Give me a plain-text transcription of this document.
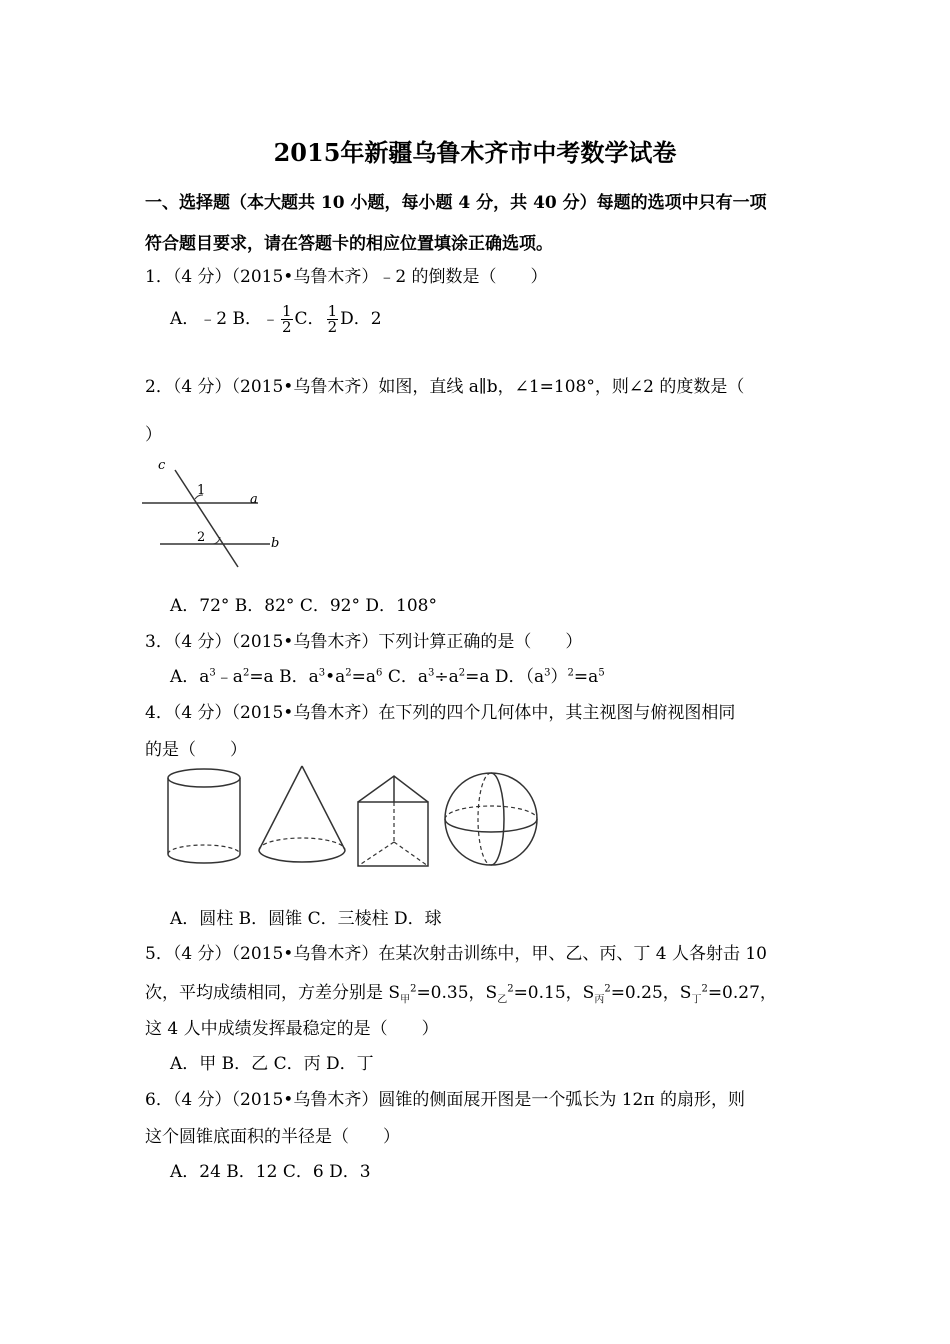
2015年新疆乌鲁木齐市中考数学试卷
一、选择题（本大题共 10 小题，每小题 4 分，共 40 分）每题的选项中只有一项
符合题目要求，请在答题卡的相应位置填涂正确选项。
1．（4 分）（2015•乌鲁木齐）﹣2 的倒数是（　　）
A．﹣2 B．﹣ $\frac{1}{2}$ C． $\frac{1}{2}$ D．2
2．（4 分）（2015•乌鲁木齐）如图，直线 a∥b，∠1=108°，则∠2 的度数是（
）
c
1
a
2	b
A．72° B．82° C．92° D．108°
3．（4 分）（2015•乌鲁木齐）下列计算正确的是（　　）
A．$a^3﹣a^2=a$ B．$a^3•a^2=a^6$ C．$a^3\div a^2=a$ D．$(a^3)^2=a^5$
4．（4 分）（2015•乌鲁木齐）在下列的四个几何体中，其主视图与俯视图相同
的是（　　）
A．圆柱 B．圆锥 C．三棱柱 D．球
5．（4 分）（2015•乌鲁木齐）在某次射击训练中，甲、乙、丙、丁 4 人各射击 10
次，平均成绩相同，方差分别是 $S_甲^2=0.35$，$S_乙^2=0.15$，$S_丙^2=0.25$，$S_丁^2=0.27$，
这 4 人中成绩发挥最稳定的是（　　）
A．甲 B．乙 C．丙 D．丁
6．（4 分）（2015•乌鲁木齐）圆锥的侧面展开图是一个弧长为 12π 的扇形，则
这个圆锥底面积的半径是（　　）
A．24 B．12 C．6 D．3
